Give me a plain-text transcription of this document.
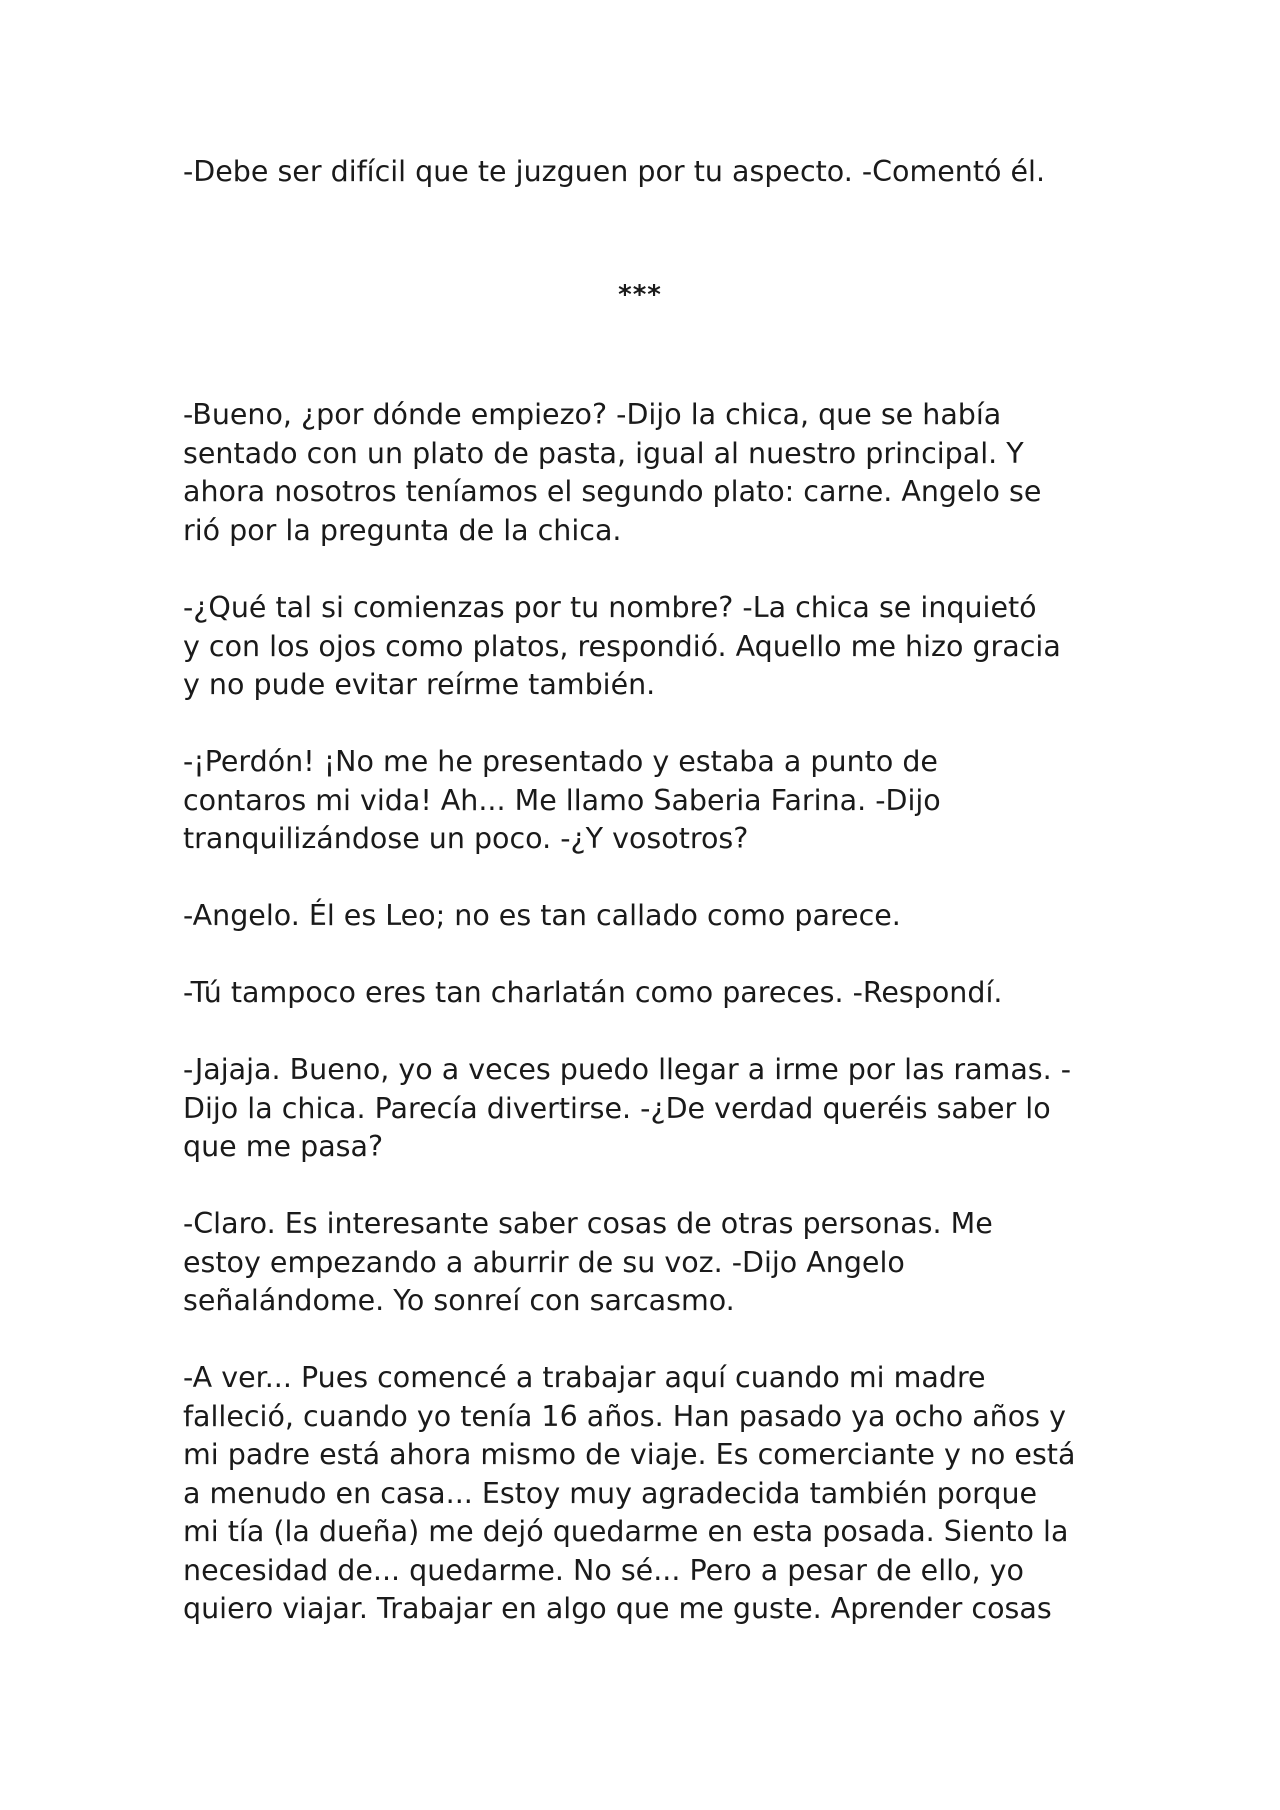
-Debe ser difícil que te juzguen por tu aspecto. -Comentó él.
***
-Bueno, ¿por dónde empiezo? -Dijo la chica, que se había
sentado con un plato de pasta, igual al nuestro principal. Y
ahora nosotros teníamos el segundo plato: carne. Angelo se
rió por la pregunta de la chica.
-¿Qué tal si comienzas por tu nombre? -La chica se inquietó
y con los ojos como platos, respondió. Aquello me hizo gracia
y no pude evitar reírme también.
-¡Perdón! ¡No me he presentado y estaba a punto de
contaros mi vida! Ah... Me llamo Saberia Farina. -Dijo
tranquilizándose un poco. -¿Y vosotros?
-Angelo. Él es Leo; no es tan callado como parece.
-Tú tampoco eres tan charlatán como pareces. -Respondí.
-Jajaja. Bueno, yo a veces puedo llegar a irme por las ramas. -
Dijo la chica. Parecía divertirse. -¿De verdad queréis saber lo
que me pasa?
-Claro. Es interesante saber cosas de otras personas. Me
estoy empezando a aburrir de su voz. -Dijo Angelo
señalándome. Yo sonreí con sarcasmo.
-A ver... Pues comencé a trabajar aquí cuando mi madre
falleció, cuando yo tenía 16 años. Han pasado ya ocho años y
mi padre está ahora mismo de viaje. Es comerciante y no está
a menudo en casa... Estoy muy agradecida también porque
mi tía (la dueña) me dejó quedarme en esta posada. Siento la
necesidad de... quedarme. No sé... Pero a pesar de ello, yo
quiero viajar. Trabajar en algo que me guste. Aprender cosas
